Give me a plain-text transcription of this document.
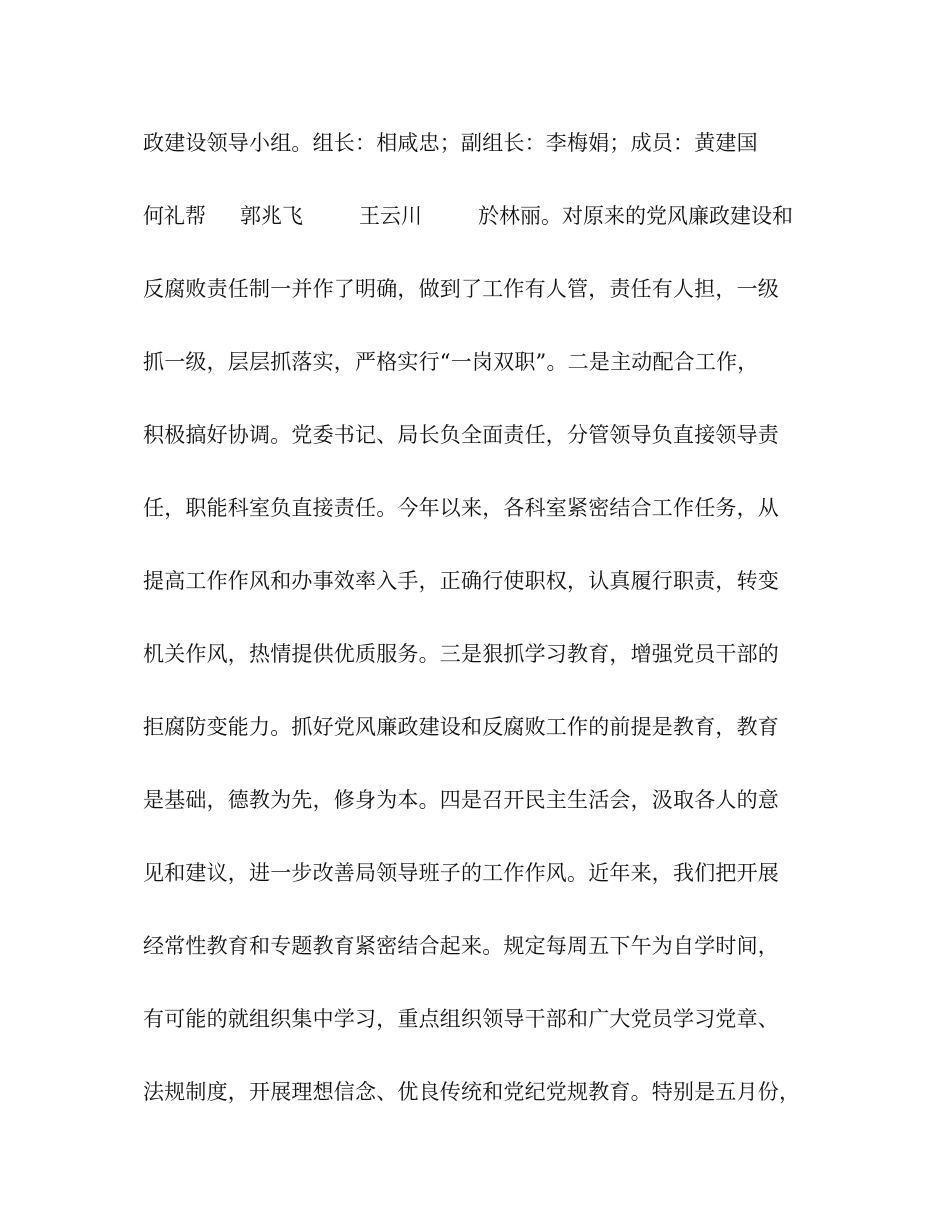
政建设领导小组。组长：相咸忠；副组长：李梅娟；成员：黄建国

何礼帮

郭兆飞

	王云川

	於林丽。对原来的党风廉政建设和

反腐败责任制一并作了明确，做到了工作有人管，责任有人担，一级
抓一级，层层抓落实，严格实行“一岗双职”。二是主动配合工作，
积极搞好协调。党委书记、局长负全面责任，分管领导负直接领导责
任，职能科室负直接责任。今年以来，各科室紧密结合工作任务，从
提高工作作风和办事效率入手，正确行使职权，认真履行职责，转变
机关作风，热情提供优质服务。三是狠抓学习教育，增强党员干部的
拒腐防变能力。抓好党风廉政建设和反腐败工作的前提是教育，教育
是基础，德教为先，修身为本。四是召开民主生活会，汲取各人的意
见和建议，进一步改善局领导班子的工作作风。近年来，我们把开展
经常性教育和专题教育紧密结合起来。规定每周五下午为自学时间，
有可能的就组织集中学习，重点组织领导干部和广大党员学习党章、
法规制度，开展理想信念、优良传统和党纪党规教育。特别是五月份，
